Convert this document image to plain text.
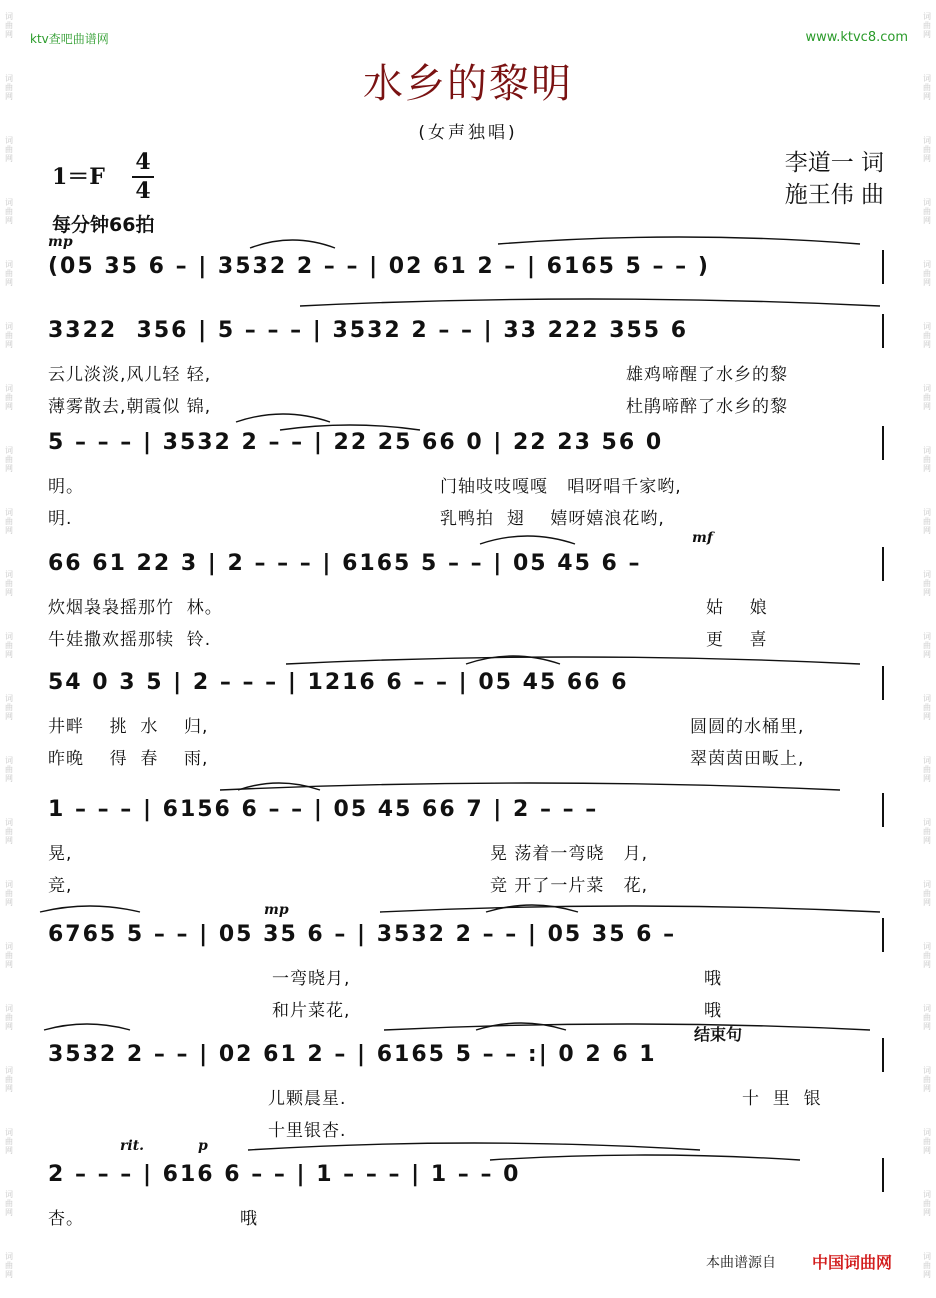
词
曲
网
词
曲
网
词
曲
网
词
曲
网
词
曲
网
词
曲
网
词
曲
网
词
曲
网
词
曲
网
词
曲
网
词
曲
网
词
曲
网
词
曲
网
词
曲
网
词
曲
网
词
曲
网
词
曲
网
词
曲
网
词
曲
网
词
曲
网
词
曲
网
词
曲
网
词
曲
网
词
曲
网
词
曲
网
词
曲
网
词
曲
网
词
曲
网
词
曲
网
词
曲
网
词
曲
网
词
曲
网
词
曲
网
词
曲
网
词
曲
网
词
曲
网
词
曲
网
词
曲
网
词
曲
网
词
曲
网
词
曲
网
词
曲
网
ktv查吧曲谱网	www.ktvc8.com
水乡的黎明
(女声独唱)
李道一 词
施王伟 曲
1＝F
4
4
每分钟66拍
mp
mf
mp
rit.	p
结束句
(05 35 6 – | 3532 2 – – | 02 61 2 – | 6165 5 – – )
3322  356 | 5 – – – | 3532 2 – – | 33 222 355 6
云儿淡淡,风儿轻 轻,	雄鸡啼醒了水乡的黎
薄雾散去,朝霞似 锦,	杜鹃啼醉了水乡的黎
5 – – – | 3532 2 – – | 22 25 66 0 | 22 23 56 0
明。	门轴吱吱嘎嘎   唱呀唱千家哟,
明.	乳鸭拍  翅    嬉呀嬉浪花哟,
66 61 22 3 | 2 – – – | 6165 5 – – | 05 45 6 –
炊烟袅袅摇那竹  林。	姑    娘
牛娃撒欢摇那犊  铃.	更    喜
54 0 3 5 | 2 – – – | 1216 6 – – | 05 45 66 6
井畔    挑  水    归,	圆圆的水桶里,
昨晚    得  春    雨,	翠茵茵田畈上,
1 – – – | 6156 6 – – | 05 45 66 7 | 2 – – –
晃,	晃 荡着一弯晓   月,
竞,	竞 开了一片菜   花,
6765 5 – – | 05 35 6 – | 3532 2 – – | 05 35 6 –
一弯晓月,	哦
和片菜花,	哦
3532 2 – – | 02 61 2 – | 6165 5 – – :| 0 2 6 1
儿颗晨星.	十  里  银
十里银杏.
2 – – – | 616 6 – – | 1 – – – | 1 – – 0
杏。	哦
本曲谱源自 中国词曲网
